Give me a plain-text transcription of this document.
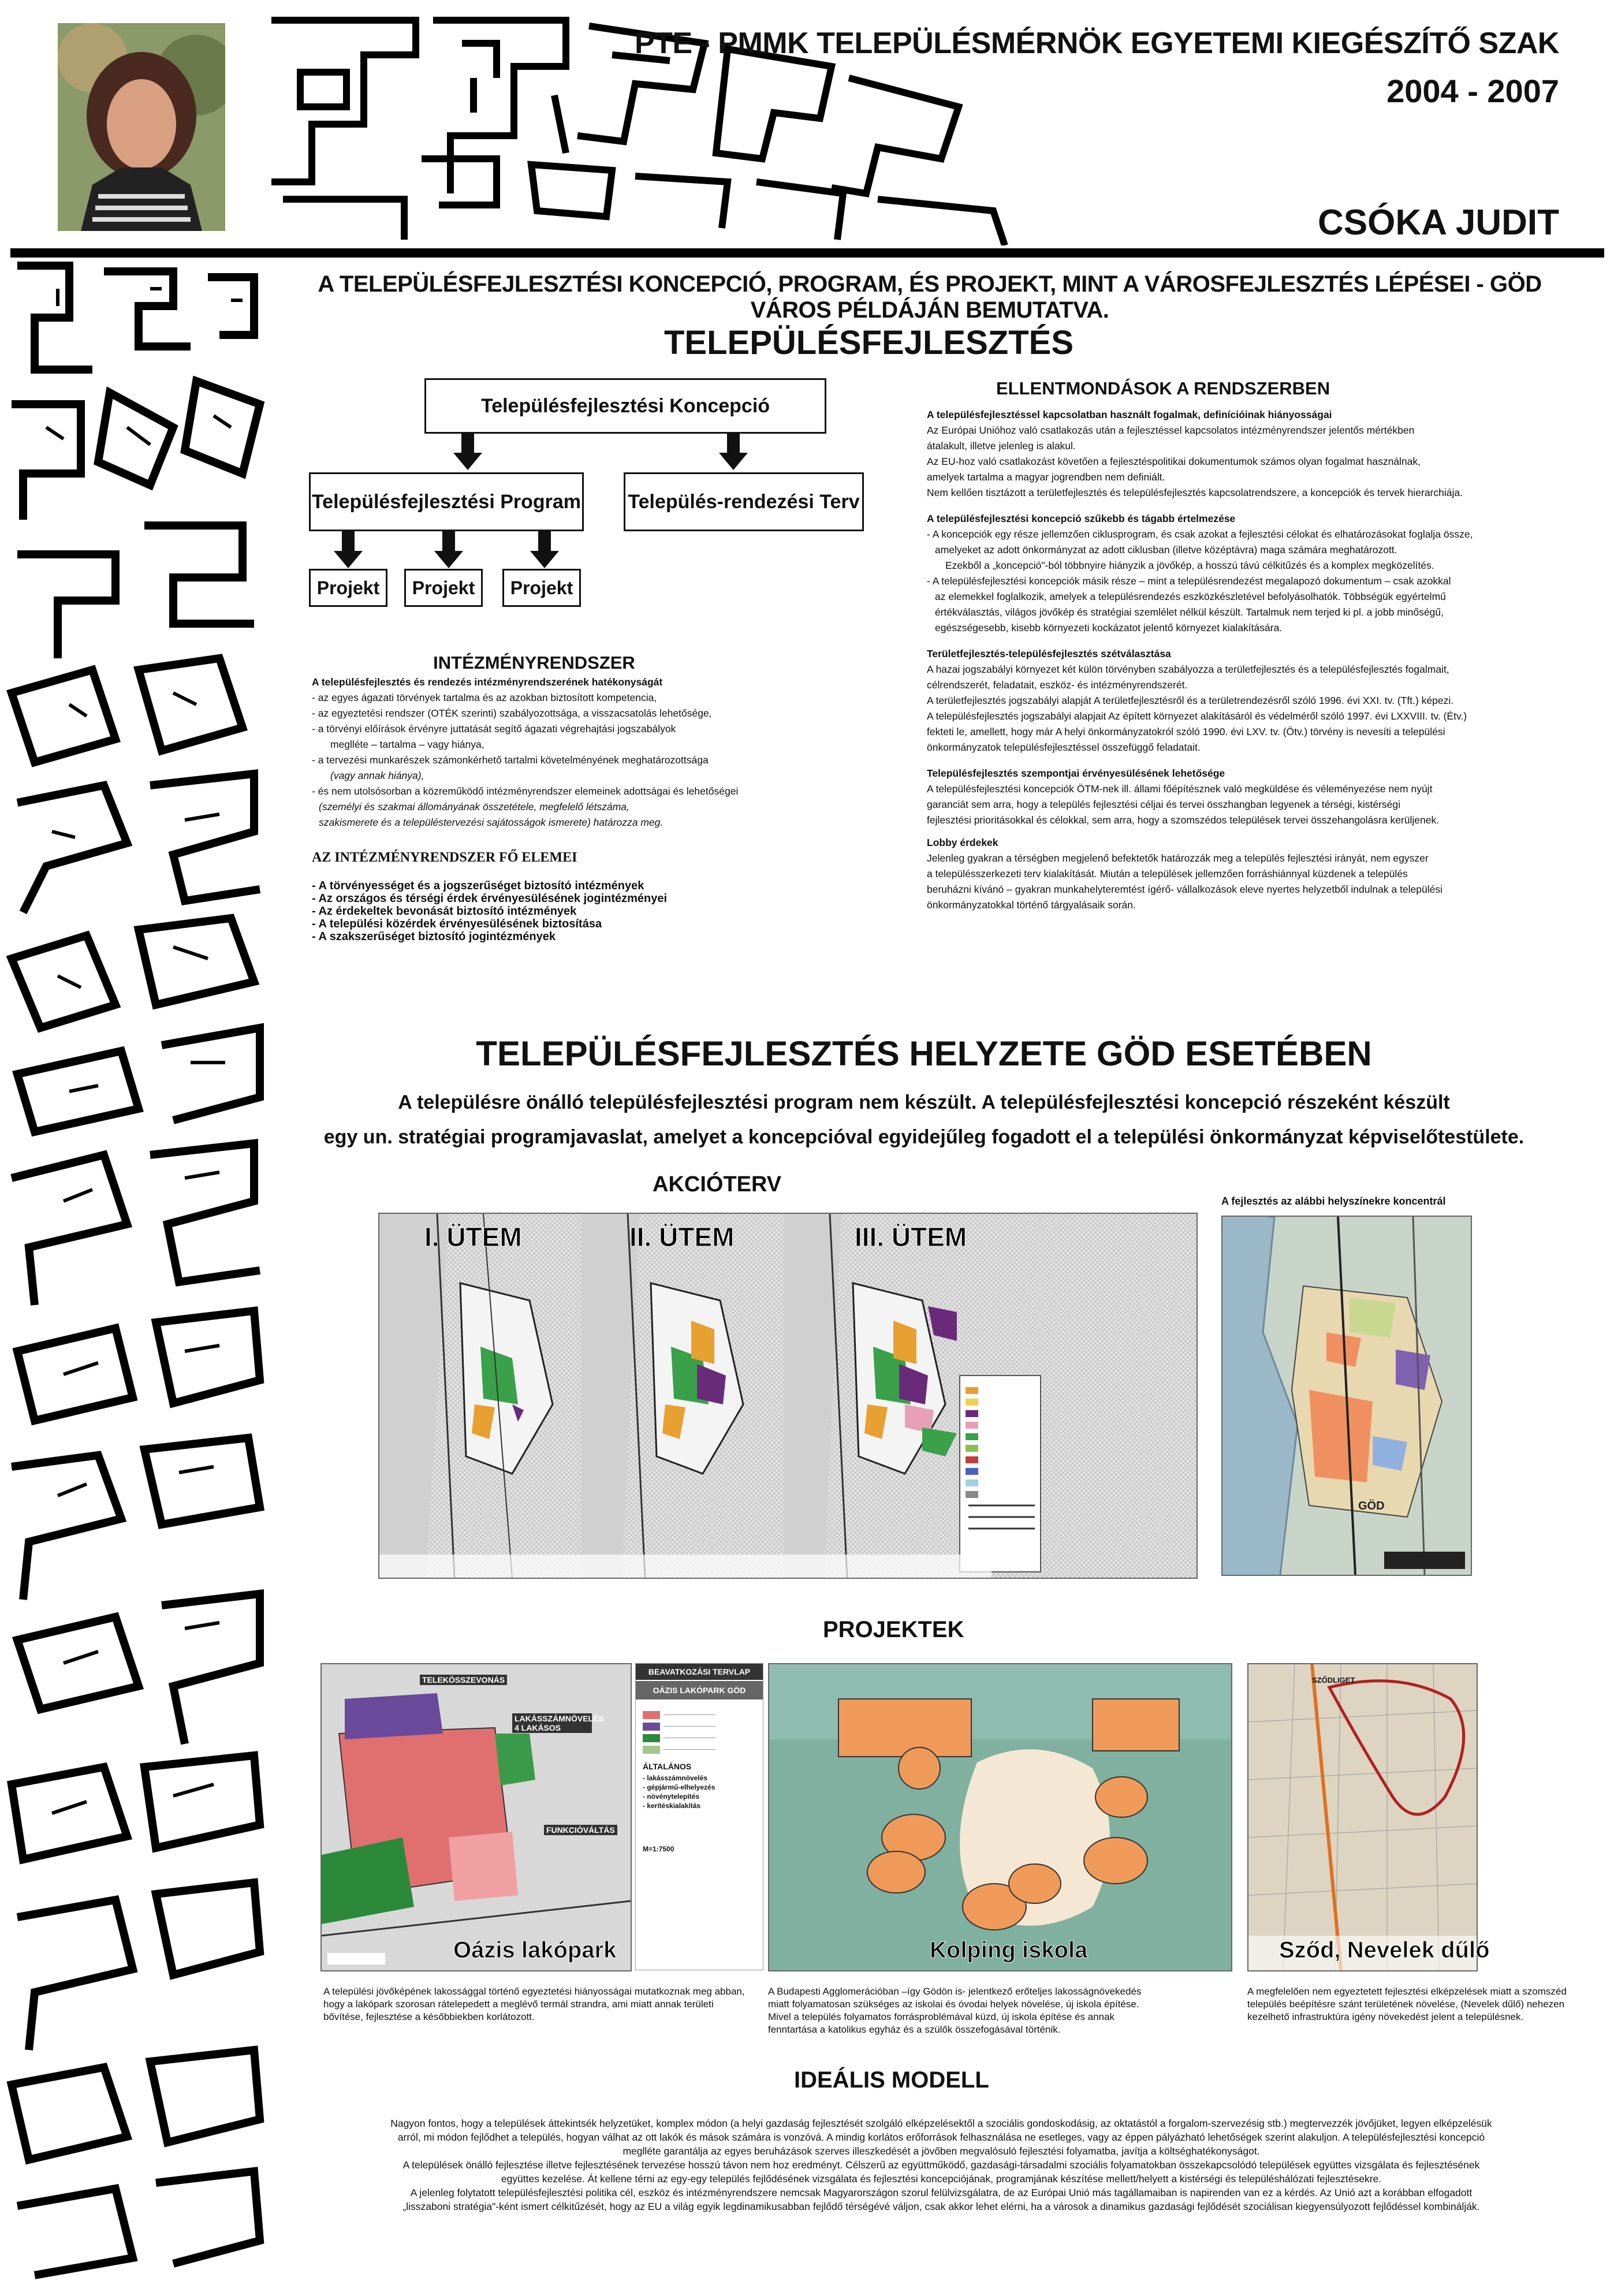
PTE - PMMK TELEPÜLÉSMÉRNÖK EGYETEMI KIEGÉSZÍTŐ SZAK
2004 - 2007
CSÓKA JUDIT
A TELEPÜLÉSFEJLESZTÉSI KONCEPCIÓ, PROGRAM, ÉS PROJEKT, MINT A VÁROSFEJLESZTÉS LÉPÉSEI - GÖD VÁROS PÉLDÁJÁN BEMUTATVA.
TELEPÜLÉSFEJLESZTÉS
Településfejlesztési Koncepció
Településfejlesztési Program Település-rendezési Terv
Projekt	Projekt	Projekt
INTÉZMÉNYRENDSZER

A településfejlesztés és rendezés intézményrendszerének hatékonyságát

- az egyes ágazati törvények tartalma és az azokban biztosított kompetencia,

- az egyeztetési rendszer (OTÉK szerinti) szabályozottsága, a visszacsatolás lehetősége,

- a törvényi előírások érvényre juttatását segítő ágazati végrehajtási jogszabályok

meglléte – tartalma – vagy hiánya,

- a tervezési munkarészek számonkérhető tartalmi követelményének meghatározottsága

(vagy annak hiánya),

- és nem utolsósorban a közreműködő intézményrendszer elemeinek adottságai és lehetőségei

(személyi és szakmai állományának összetétele, megfelelő létszáma,

szakismerete és a településtervezési sajátosságok ismerete) határozza meg.

AZ INTÉZMÉNYRENDSZER FŐ ELEMEI
- A törvényességet és a jogszerűséget biztosító intézmények
- Az országos és térségi érdek érvényesülésének jogintézményei
- Az érdekeltek bevonását biztosító intézmények
- A települési közérdek érvényesülésének biztosítása
- A szakszerűséget biztosító jogintézmények
ELLENTMONDÁSOK A RENDSZERBEN

A településfejlesztéssel kapcsolatban használt fogalmak, definícióinak hiányosságai

Az Európai Unióhoz való csatlakozás után a fejlesztéssel kapcsolatos intézményrendszer jelentős mértékben

átalakult, illetve jelenleg is alakul.

Az EU-hoz való csatlakozást követően a fejlesztéspolitikai dokumentumok számos olyan fogalmat használnak,

amelyek tartalma a magyar jogrendben nem definiált.

Nem kellően tisztázott a területfejlesztés és településfejlesztés kapcsolatrendszere, a koncepciók és tervek hierarchiája.

A településfejlesztési koncepció szűkebb és tágabb értelmezése

- A koncepciók egy része jellemzően ciklusprogram, és csak azokat a fejlesztési célokat és elhatározásokat foglalja össze,

amelyeket az adott önkormányzat az adott ciklusban (illetve középtávra) maga számára meghatározott.

Ezekből a „koncepció"-ból többnyire hiányzik a jövőkép, a hosszú távú célkitűzés és a komplex megközelítés.

- A településfejlesztési koncepciók másik része – mint a településrendezést megalapozó dokumentum – csak azokkal

az elemekkel foglalkozik, amelyek a településrendezés eszközkészletével befolyásolhatók. Többségük egyértelmű

értékválasztás, világos jövőkép és stratégiai szemlélet nélkül készült. Tartalmuk nem terjed ki pl. a jobb minőségű,

egészségesebb, kisebb környezeti kockázatot jelentő környezet kialakítására.

Területfejlesztés-településfejlesztés szétválasztása

A hazai jogszabályi környezet két külön törvényben szabályozza a területfejlesztés és a településfejlesztés fogalmait,

célrendszerét, feladatait, eszköz- és intézményrendszerét.

A területfejlesztés jogszabályi alapját A területfejlesztésről és a területrendezésről szóló 1996. évi XXI. tv. (Tft.) képezi.

A településfejlesztés jogszabályi alapjait Az épített környezet alakításáról és védelméről szóló 1997. évi LXXVIII. tv. (Étv.)

fekteti le, amellett, hogy már A helyi önkormányzatokról szóló 1990. évi LXV. tv. (Ötv.) törvény is nevesíti a települési

önkormányzatok településfejlesztéssel összefüggő feladatait.

Településfejlesztés szempontjai érvényesülésének lehetősége

A településfejlesztési koncepciók ÖTM-nek ill. állami főépítésznek való megküldése és véleményezése nem nyújt

garanciát sem arra, hogy a település fejlesztési céljai és tervei összhangban legyenek a térségi, kistérségi

fejlesztési prioritásokkal és célokkal, sem arra, hogy a szomszédos települések tervei összehangolásra kerüljenek.

Lobby érdekek

Jelenleg gyakran a térségben megjelenő befektetők határozzák meg a település fejlesztési irányát, nem egyszer

a településszerkezeti terv kialakítását. Miután a települések jellemzően forráshiánnyal küzdenek a település

beruházni kívánó – gyakran munkahelyteremtést ígérő- vállalkozások eleve nyertes helyzetből indulnak a települési

önkormányzatokkal történő tárgyalásaik során.

TELEPÜLÉSFEJLESZTÉS HELYZETE GÖD ESETÉBEN
A településre önálló településfejlesztési program nem készült. A településfejlesztési koncepció részeként készült
egy un. stratégiai programjavaslat, amelyet a koncepcióval egyidejűleg fogadott el a települési önkormányzat képviselőtestülete.
AKCIÓTERV
A fejlesztés az alábbi helyszínekre koncentrál
I. ÜTEM	II. ÜTEM	III. ÜTEM
GÖD
PROJEKTEK
TELEKÖSSZEVONÁS
LAKÁSSZÁMNÖVELÉS 4 LAKÁSOS
FUNKCIÓVÁLTÁS
BEAVATKOZÁSI TERVLAP
OÁZIS LAKÓPARK GÖD
ÁLTALÁNOS
- lakásszámnövelés
- gépjármű-elhelyezés
- növénytelepítés
- kerítéskialakítás
M=1:7500
SZŐDLIGET
Oázis lakópark	Kolping iskola	Sződ, Nevelek dűlő
A települési jövőképének lakossággal történő egyeztetési hiányosságai mutatkoznak meg abban, hogy a lakópark szorosan rátelepedett a meglévő termál strandra, ami miatt annak területi bővítése, fejlesztése a későbbiekben korlátozott.
A Budapesti Agglomerációban –így Gödön is- jelentkező erőteljes lakosságnövekedés miatt folyamatosan szükséges az iskolai és óvodai helyek növelése, új iskola építése. Mivel a település folyamatos forrásproblémával küzd, új iskola építése és annak fenntartása a katolikus egyház és a szülők összefogásával történik.
A megfelelően nem egyeztetett fejlesztési elképzelések miatt a szomszéd település beépítésre szánt területének növelése, (Nevelek dűlő) nehezen kezelhető infrastruktúra igény növekedést jelent a településnek.
IDEÁLIS MODELL
Nagyon fontos, hogy a települések áttekintsék helyzetüket, komplex módon (a helyi gazdaság fejlesztését szolgáló elképzelésektől a szociális gondoskodásig, az oktatástól a forgalom-szervezésig stb.) megtervezzék jövőjüket, legyen elképzelésük
arról, mi módon fejlődhet a település, hogyan válhat az ott lakók és mások számára is vonzóvá. A mindig korlátos erőforrások felhasználása ne esetleges, vagy az éppen pályázható lehetőségek szerint alakuljon. A településfejlesztési koncepció
meglléte garantálja az egyes beruházások szerves illeszkedését a jövőben megvalósuló fejlesztési folyamatba, javítja a költséghatékonyságot.
A települések önálló fejlesztése illetve fejlesztésének tervezése hosszú távon nem hoz eredményt. Célszerű az együttműködő, gazdasági-társadalmi szociális folyamatokban összekapcsolódó települések együttes vizsgálata és fejlesztésének
együttes kezelése. Át kellene térni az egy-egy település fejlődésének vizsgálata és fejlesztési koncepciójának, programjának készítése mellett/helyett a kistérségi és településhálózati fejlesztésekre.
A jelenleg folytatott településfejlesztési politika cél, eszköz és intézményrendszere nemcsak Magyarországon szorul felülvizsgálatra, de az Európai Unió más tagállamaiban is napirenden van ez a kérdés. Az Unió azt a korábban elfogadott
„lisszaboni stratégia"-ként ismert célkitűzését, hogy az EU a világ egyik legdinamikusabban fejlődő térségévé váljon, csak akkor lehet elérni, ha a városok a dinamikus gazdasági fejlődését szociálisan kiegyensúlyozott fejlődéssel kombinálják.
